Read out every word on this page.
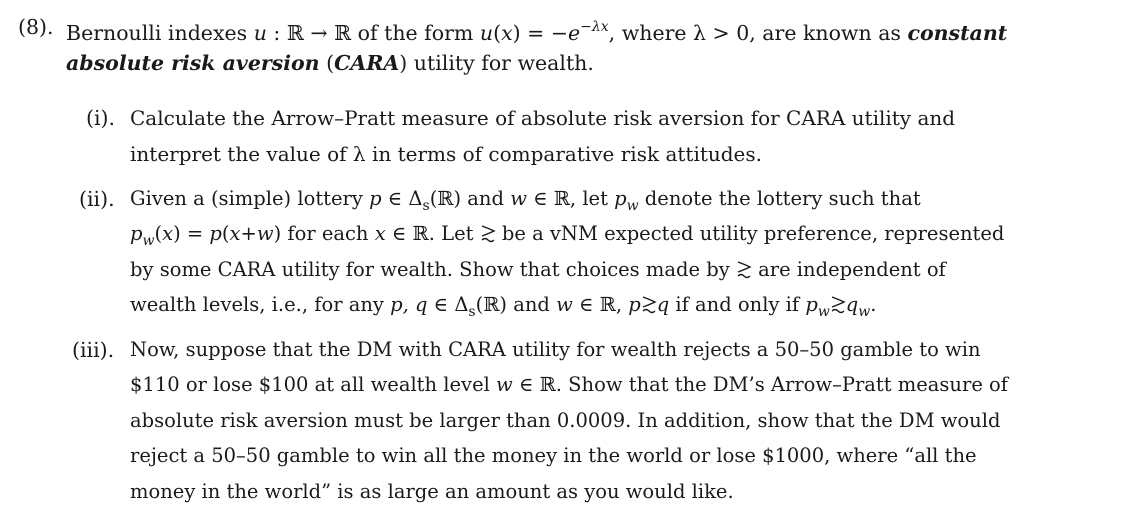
(8). Bernoulli indexes u : ℝ → ℝ of the form $u(x) = -e^{-\lambda x}$, where λ > 0, are known as constant
absolute risk aversion (CARA) utility for wealth.
(i). Calculate the Arrow–Pratt measure of absolute risk aversion for CARA utility and
interpret the value of λ in terms of comparative risk attitudes.
(ii). Given a (simple) lottery p ∈ $\Delta_s(ℝ)$ and w ∈ ℝ, let $p_w$ denote the lottery such that
$p_w(x) = p(x+w)$ for each x ∈ ℝ. Let
be a vNM expected utility preference, represented
by some CARA utility for wealth. Show that choices made by
are independent of
wealth levels, i.e., for any p, q ∈ $\Delta_s(ℝ)$ and w ∈ ℝ, p q if and only if $p_w$ $q_w$.
(iii). Now, suppose that the DM with CARA utility for wealth rejects a 50–50 gamble to win
$110 or lose $100 at all wealth level w ∈ ℝ. Show that the DM’s Arrow–Pratt measure of
absolute risk aversion must be larger than 0.0009. In addition, show that the DM would
reject a 50–50 gamble to win all the money in the world or lose $1000, where “all the
money in the world” is as large an amount as you would like.
